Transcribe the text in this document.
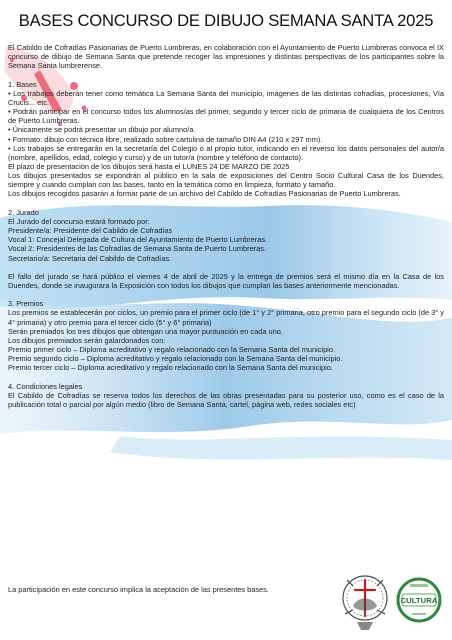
BASES CONCURSO DE DIBUJO SEMANA SANTA 2025

El Cabildo de Cofradías Pasionarias de Puerto Lumbreras, en colaboración con el Ayuntamiento de Puerto Lumbreras convoca el IX concurso de dibujo de Semana Santa que pretende recoger las impresiones y distintas perspectivas de los participantes sobre la Semana Santa lumbrerense.

1. Bases

• Los trabajos deberán tener como temática La Semana Santa del municipio, imágenes de las distintas cofradías, procesiones, Vía Crucis... etc.

• Podrán participar en el concurso todos los alumnos/as del primer, segundo y tercer ciclo de primaria de cualquiera de los Centros de Puerto Lumbreras.

• Únicamente se podrá presentar un dibujo por alumno/a.

• Formato: dibujo con técnica libre, realizado sobre cartulina de tamaño DIN A4 (210 x 297 mm).

• Los trabajos se entregarán en la secretaría del Colegio o al propio tutor, indicando en el reverso los datos personales del autor/a (nombre, apellidos, edad, colegio y curso) y de un tutor/a (nombre y teléfono de contacto).

El plazo de presentación de los dibujos será hasta el LUNES 24 DE MARZO DE 2025

Los dibujos presentados se expondrán al público en la sala de exposiciones del Centro Socio Cultural Casa de los Duendes, siempre y cuando cumplan con las bases, tanto en la temática como en limpieza, formato y tamaño.

Los dibujos recogidos pasarán a formar parte de un archivo del Cabildo de Cofradías Pasionarias de Puerto Lumbreras.

2. Jurado

El Jurado del concurso estará formado por:

Presidente/a: Presidente del Cabildo de Cofradías

Vocal 1: Concejal Delegada de Cultura del Ayuntamiento de Puerto Lumbreras.

Vocal 2: Presidentes de las Cofradías de Semana Santa de Puerto Lumbreras.

Secretario/a: Secretaria del Cabildo de Cofradías.

El fallo del jurado se hará público el viernes 4 de abril de 2025 y la entrega de premios será el mismo día en la Casa de los Duendes, donde se inaugurara la Exposición con todos los dibujos que cumplan las bases anteriormente mencionadas.

3. Premios

Los premios se establecerán por ciclos, un premio para el primer ciclo (de 1° y 2° primaria, otro premio para el segundo ciclo (de 3° y 4° primaria) y otro premio para el tercer ciclo (5° y 6° primaria)

Serán premiados los tres dibujos que obtengan una mayor puntuación en cada uno.

Los dibujos premiados serán galardonados con:

Premio primer ciclo – Diploma acreditativo y regalo relacionado con la Semana Santa del municipio.

Premio segundo ciclo – Diploma acreditativo y regalo relacionado con la Semana Santa del municipio.

Premio tercer ciclo – Diploma acreditativo y regalo relacionado con la Semana Santa del municipio.

4. Condiciones legales

El Cabildo de Cofradías se reserva todos los derechos de las obras presentadas para su posterior uso, como es el caso de la publicación total o parcial por algún medio (libro de Semana Santa, cartel, página web, redes sociales etc)

La participación en este concurso implica la aceptación de las presentes bases.
CULTURA
